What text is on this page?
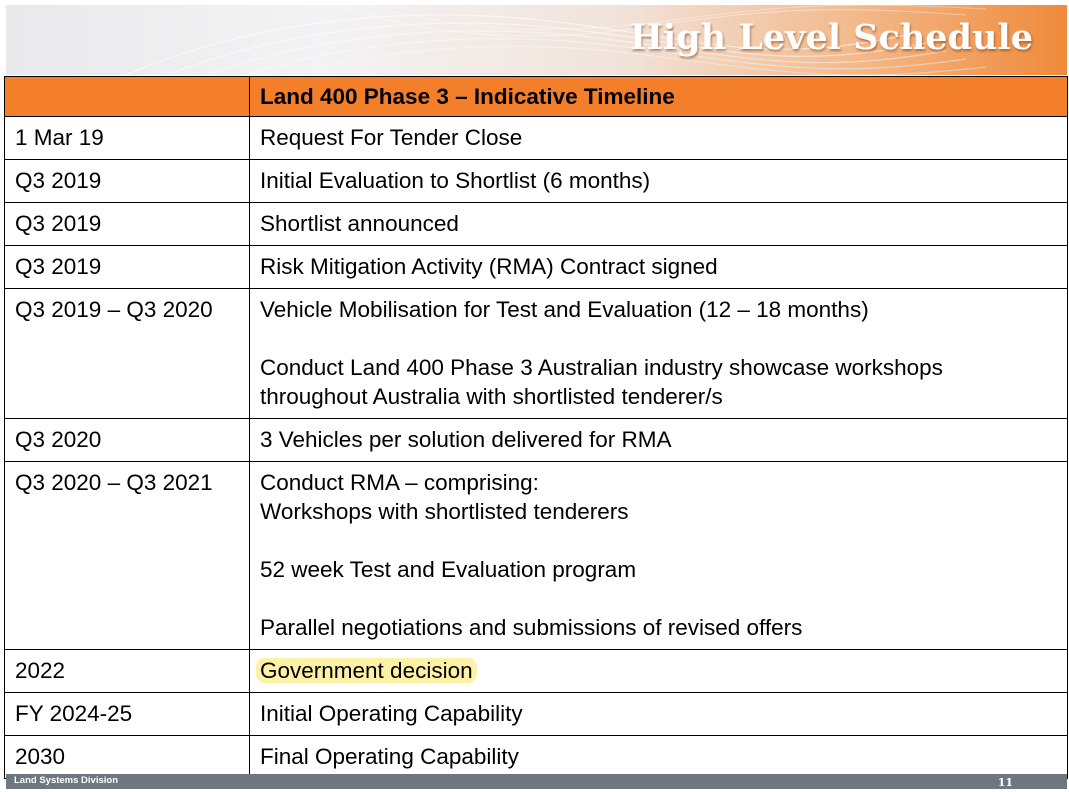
High Level Schedule
	Land 400 Phase 3 – Indicative Timeline
1 Mar 19	Request For Tender Close

Q3 2019	Initial Evaluation to Shortlist (6 months)

Q3 2019	Shortlist announced

Q3 2019	Risk Mitigation Activity (RMA) Contract signed

Q3 2019 – Q3 2020	Vehicle Mobilisation for Test and Evaluation (12 – 18 months)
Conduct Land 400 Phase 3 Australian industry showcase workshops
throughout Australia with shortlisted tenderer/s

Q3 2020	3 Vehicles per solution delivered for RMA

Q3 2020 – Q3 2021	Conduct RMA – comprising:
Workshops with shortlisted tenderers
52 week Test and Evaluation program
Parallel negotiations and submissions of revised offers

2022	Government decision

FY 2024-25	Initial Operating Capability

2030	Final Operating Capability
Land Systems Division	11
